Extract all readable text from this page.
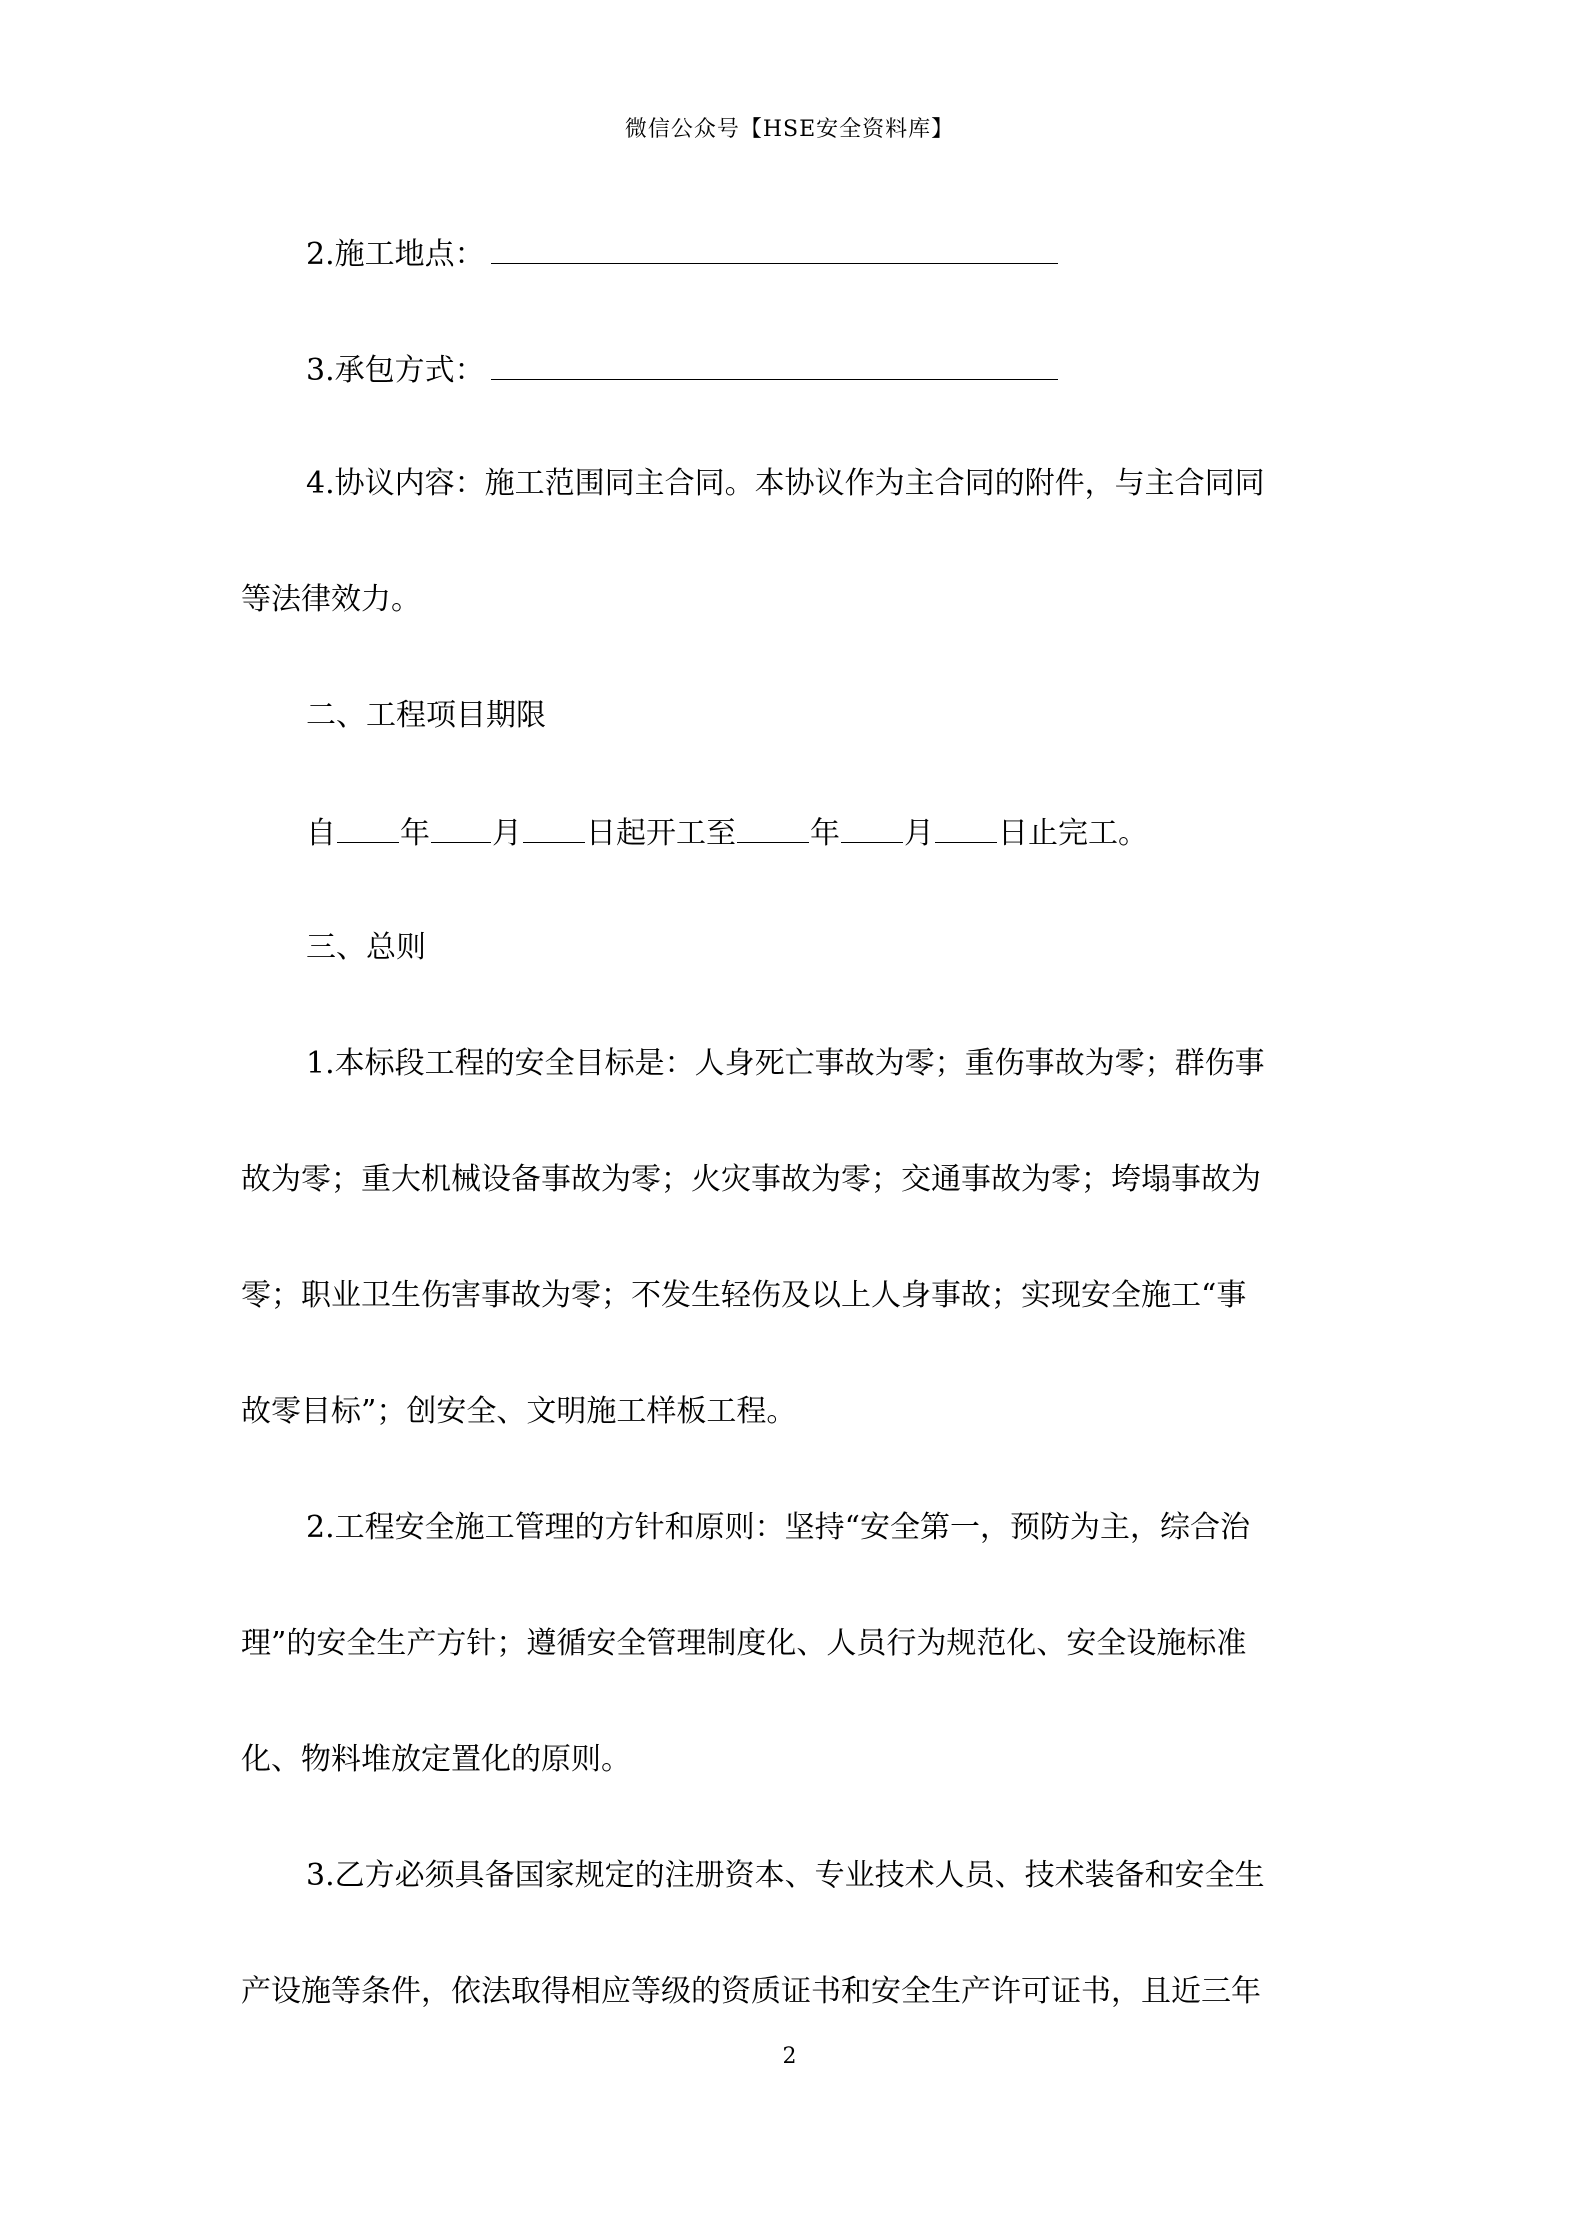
微信公众号【HSE安全资料库】
2.施工地点：
3.承包方式：
4.协议内容：施工范围同主合同。本协议作为主合同的附件，与主合同同
等法律效力。
二、工程项目期限
自 年 月 日起开工至 年 月 日止完工。
三、总则
1.本标段工程的安全目标是：人身死亡事故为零；重伤事故为零；群伤事
故为零；重大机械设备事故为零；火灾事故为零；交通事故为零；垮塌事故为
零；职业卫生伤害事故为零；不发生轻伤及以上人身事故；实现安全施工“事
故零目标”；创安全、文明施工样板工程。
2.工程安全施工管理的方针和原则：坚持“安全第一，预防为主，综合治
理”的安全生产方针；遵循安全管理制度化、人员行为规范化、安全设施标准
化、物料堆放定置化的原则。
3.乙方必须具备国家规定的注册资本、专业技术人员、技术装备和安全生
产设施等条件，依法取得相应等级的资质证书和安全生产许可证书，且近三年
2
